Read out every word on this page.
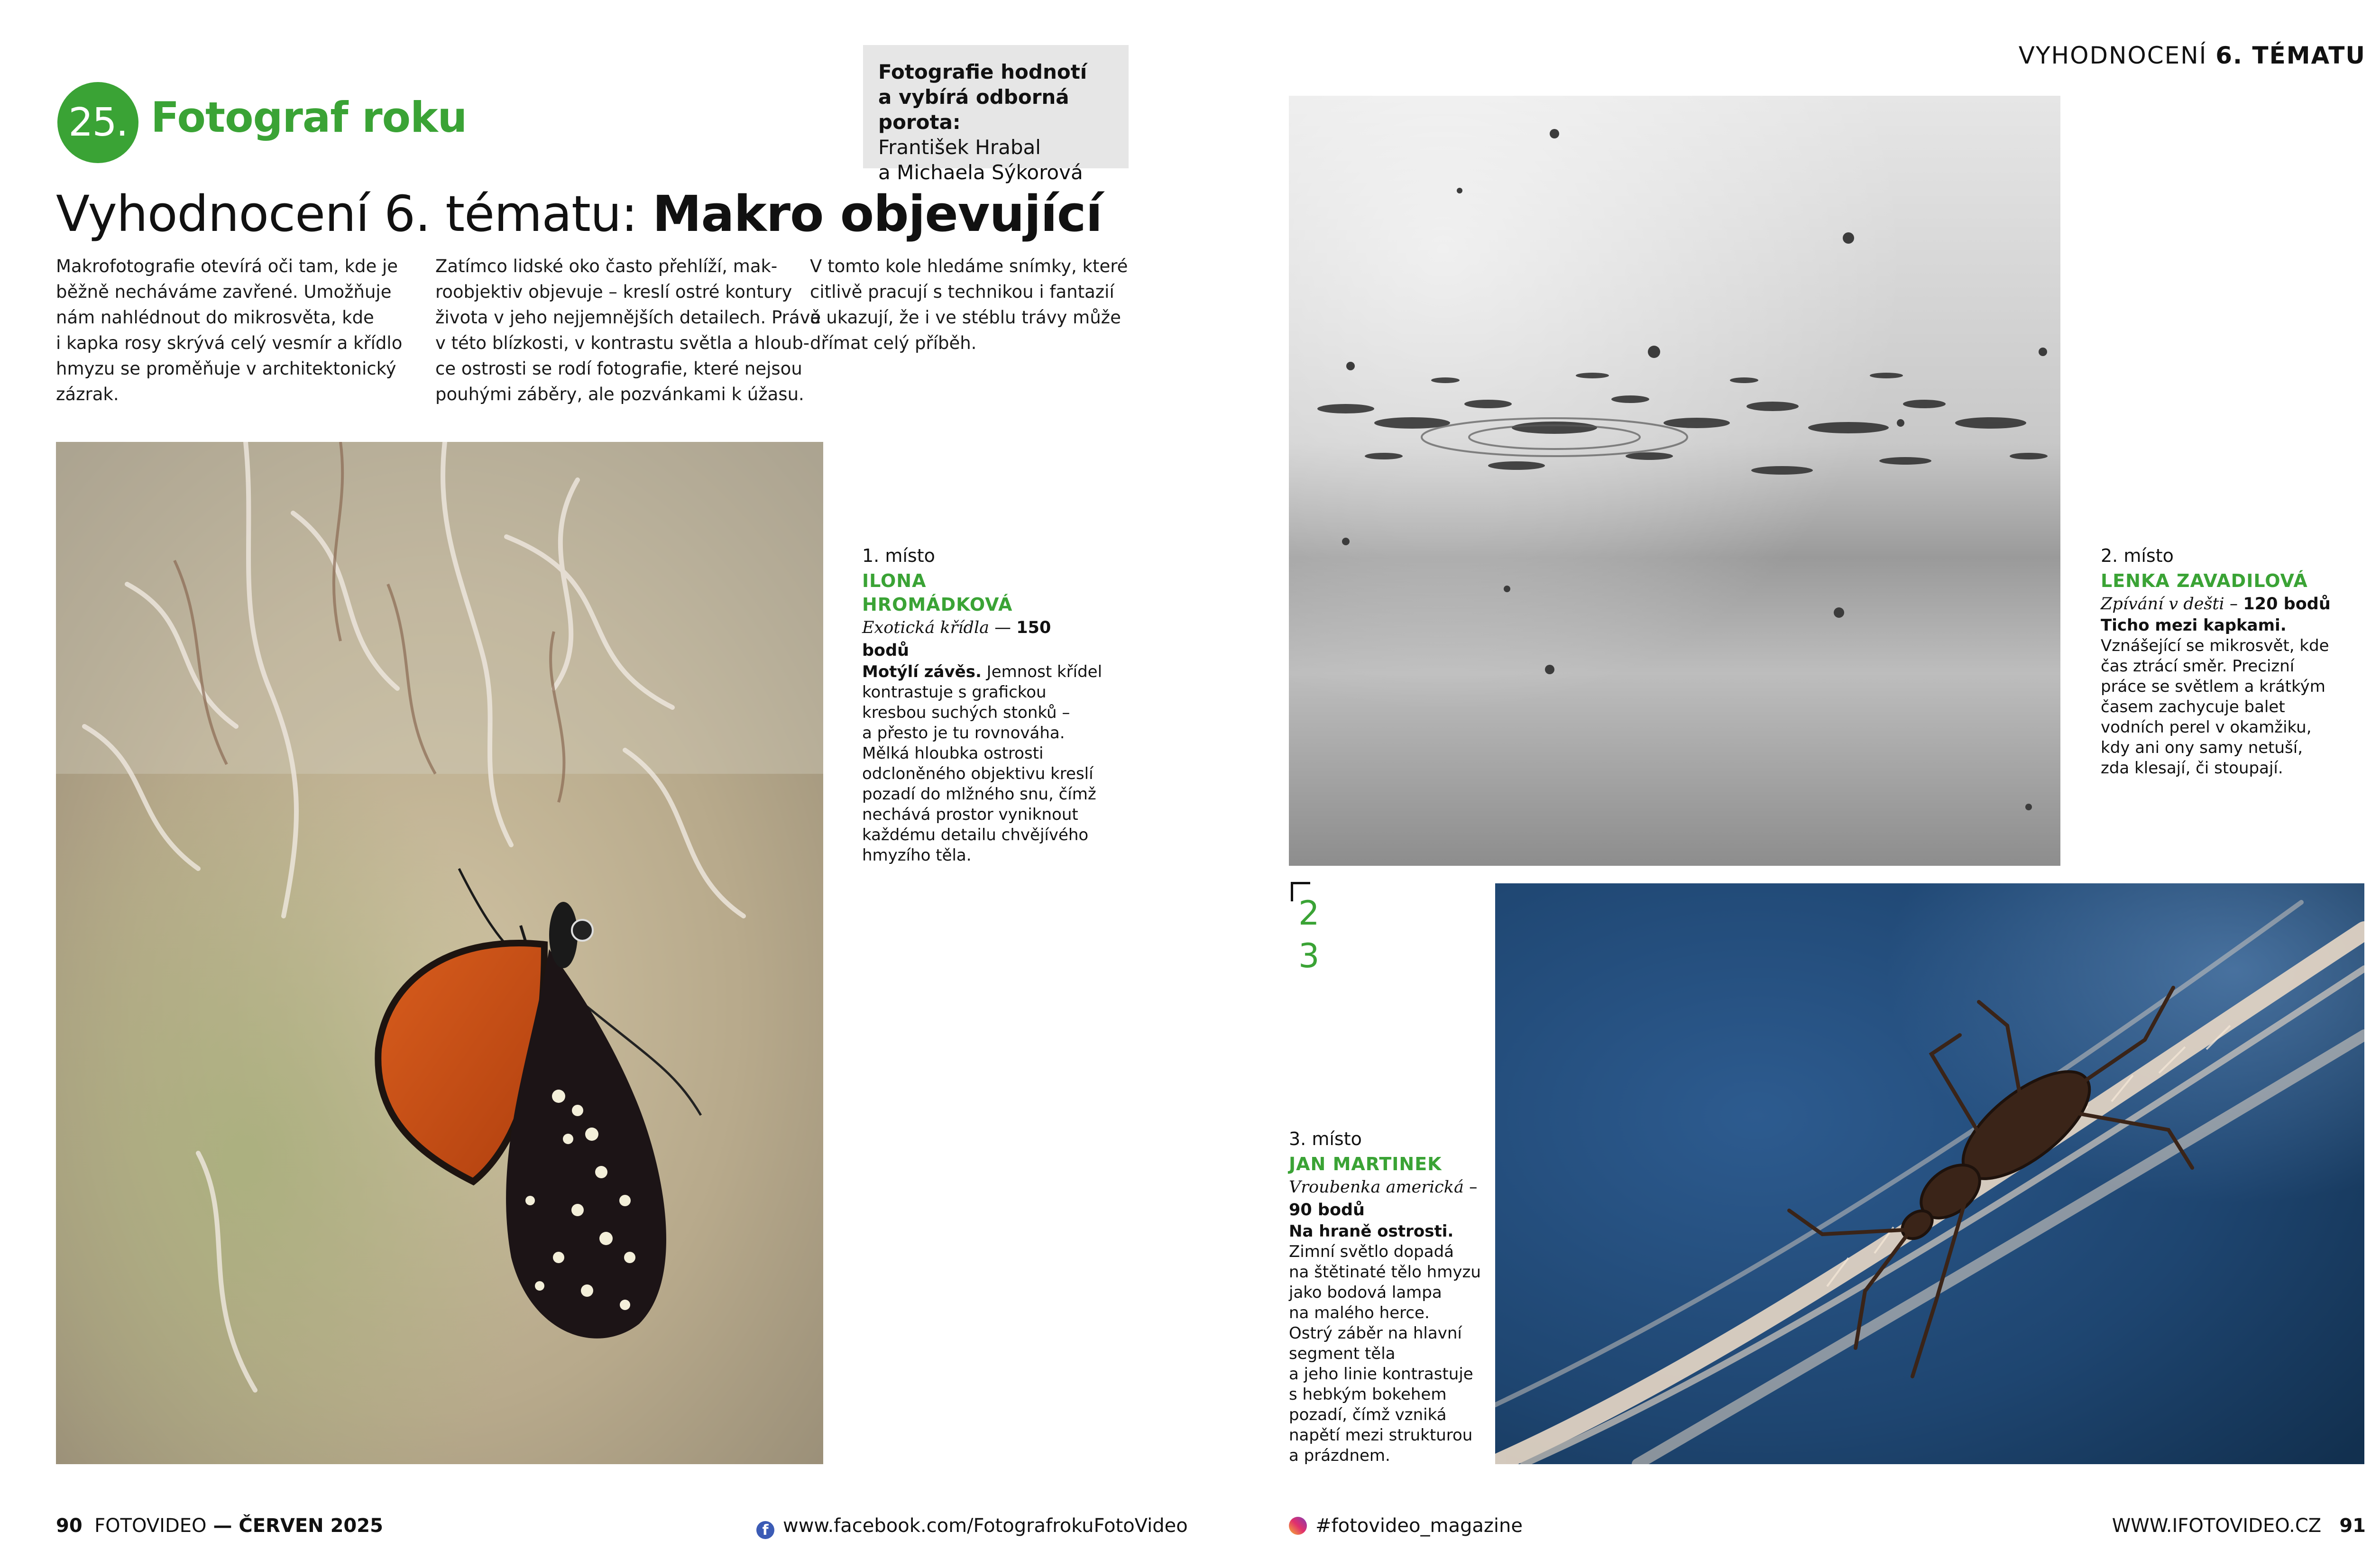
25. Fotograf roku
Fotografie hodnotí
a vybírá odborná porota:
František Hrabal
a Michaela Sýkorová
Vyhodnocení 6. tématu: Makro objevující
Makrofotografie otevírá oči tam, kde je
běžně necháváme zavřené. Umožňuje
nám nahlédnout do mikrosvěta, kde
i kapka rosy skrývá celý vesmír a křídlo
hmyzu se proměňuje v architektonický
zázrak.
Zatímco lidské oko často přehlíží, mak-
roobjektiv objevuje – kreslí ostré kontury
života v jeho nejjemnějších detailech. Právě
v této blízkosti, v kontrastu světla a hloub-
ce ostrosti se rodí fotografie, které nejsou
pouhými záběry, ale pozvánkami k úžasu.
V tomto kole hledáme snímky, které
citlivě pracují s technikou i fantazií
a ukazují, že i ve stéblu trávy může
dřímat celý příběh.
1. místo
ILONA HROMÁDKOVÁ
Exotická křídla — 150 bodů
Motýlí závěs. Jemnost křídel
kontrastuje s grafickou
kresbou suchých stonků –
a přesto je tu rovnováha.
Mělká hloubka ostrosti
odcloněného objektivu kreslí
pozadí do mlžného snu, čímž
nechává prostor vyniknout
každému detailu chvějívého
hmyzího těla.
90 FOTOVIDEO — ČERVEN 2025	f www.facebook.com/FotografrokuFotoVideo
VYHODNOCENÍ 6. TÉMATU
2. místo
LENKA ZAVADILOVÁ
Zpívání v dešti – 120 bodů
Ticho mezi kapkami.
Vznášející se mikrosvět, kde
čas ztrácí směr. Precizní
práce se světlem a krátkým
časem zachycuje balet
vodních perel v okamžiku,
kdy ani ony samy netuší,
zda klesají, či stoupají.
2
3
3. místo
JAN MARTINEK
Vroubenka americká –
90 bodů
Na hraně ostrosti.
Zimní světlo dopadá
na štětinaté tělo hmyzu
jako bodová lampa
na malého herce.
Ostrý záběr na hlavní
segment těla
a jeho linie kontrastuje
s hebkým bokehem
pozadí, čímž vzniká
napětí mezi strukturou
a prázdnem.
#fotovideo_magazine	WWW.IFOTOVIDEO.CZ 91
